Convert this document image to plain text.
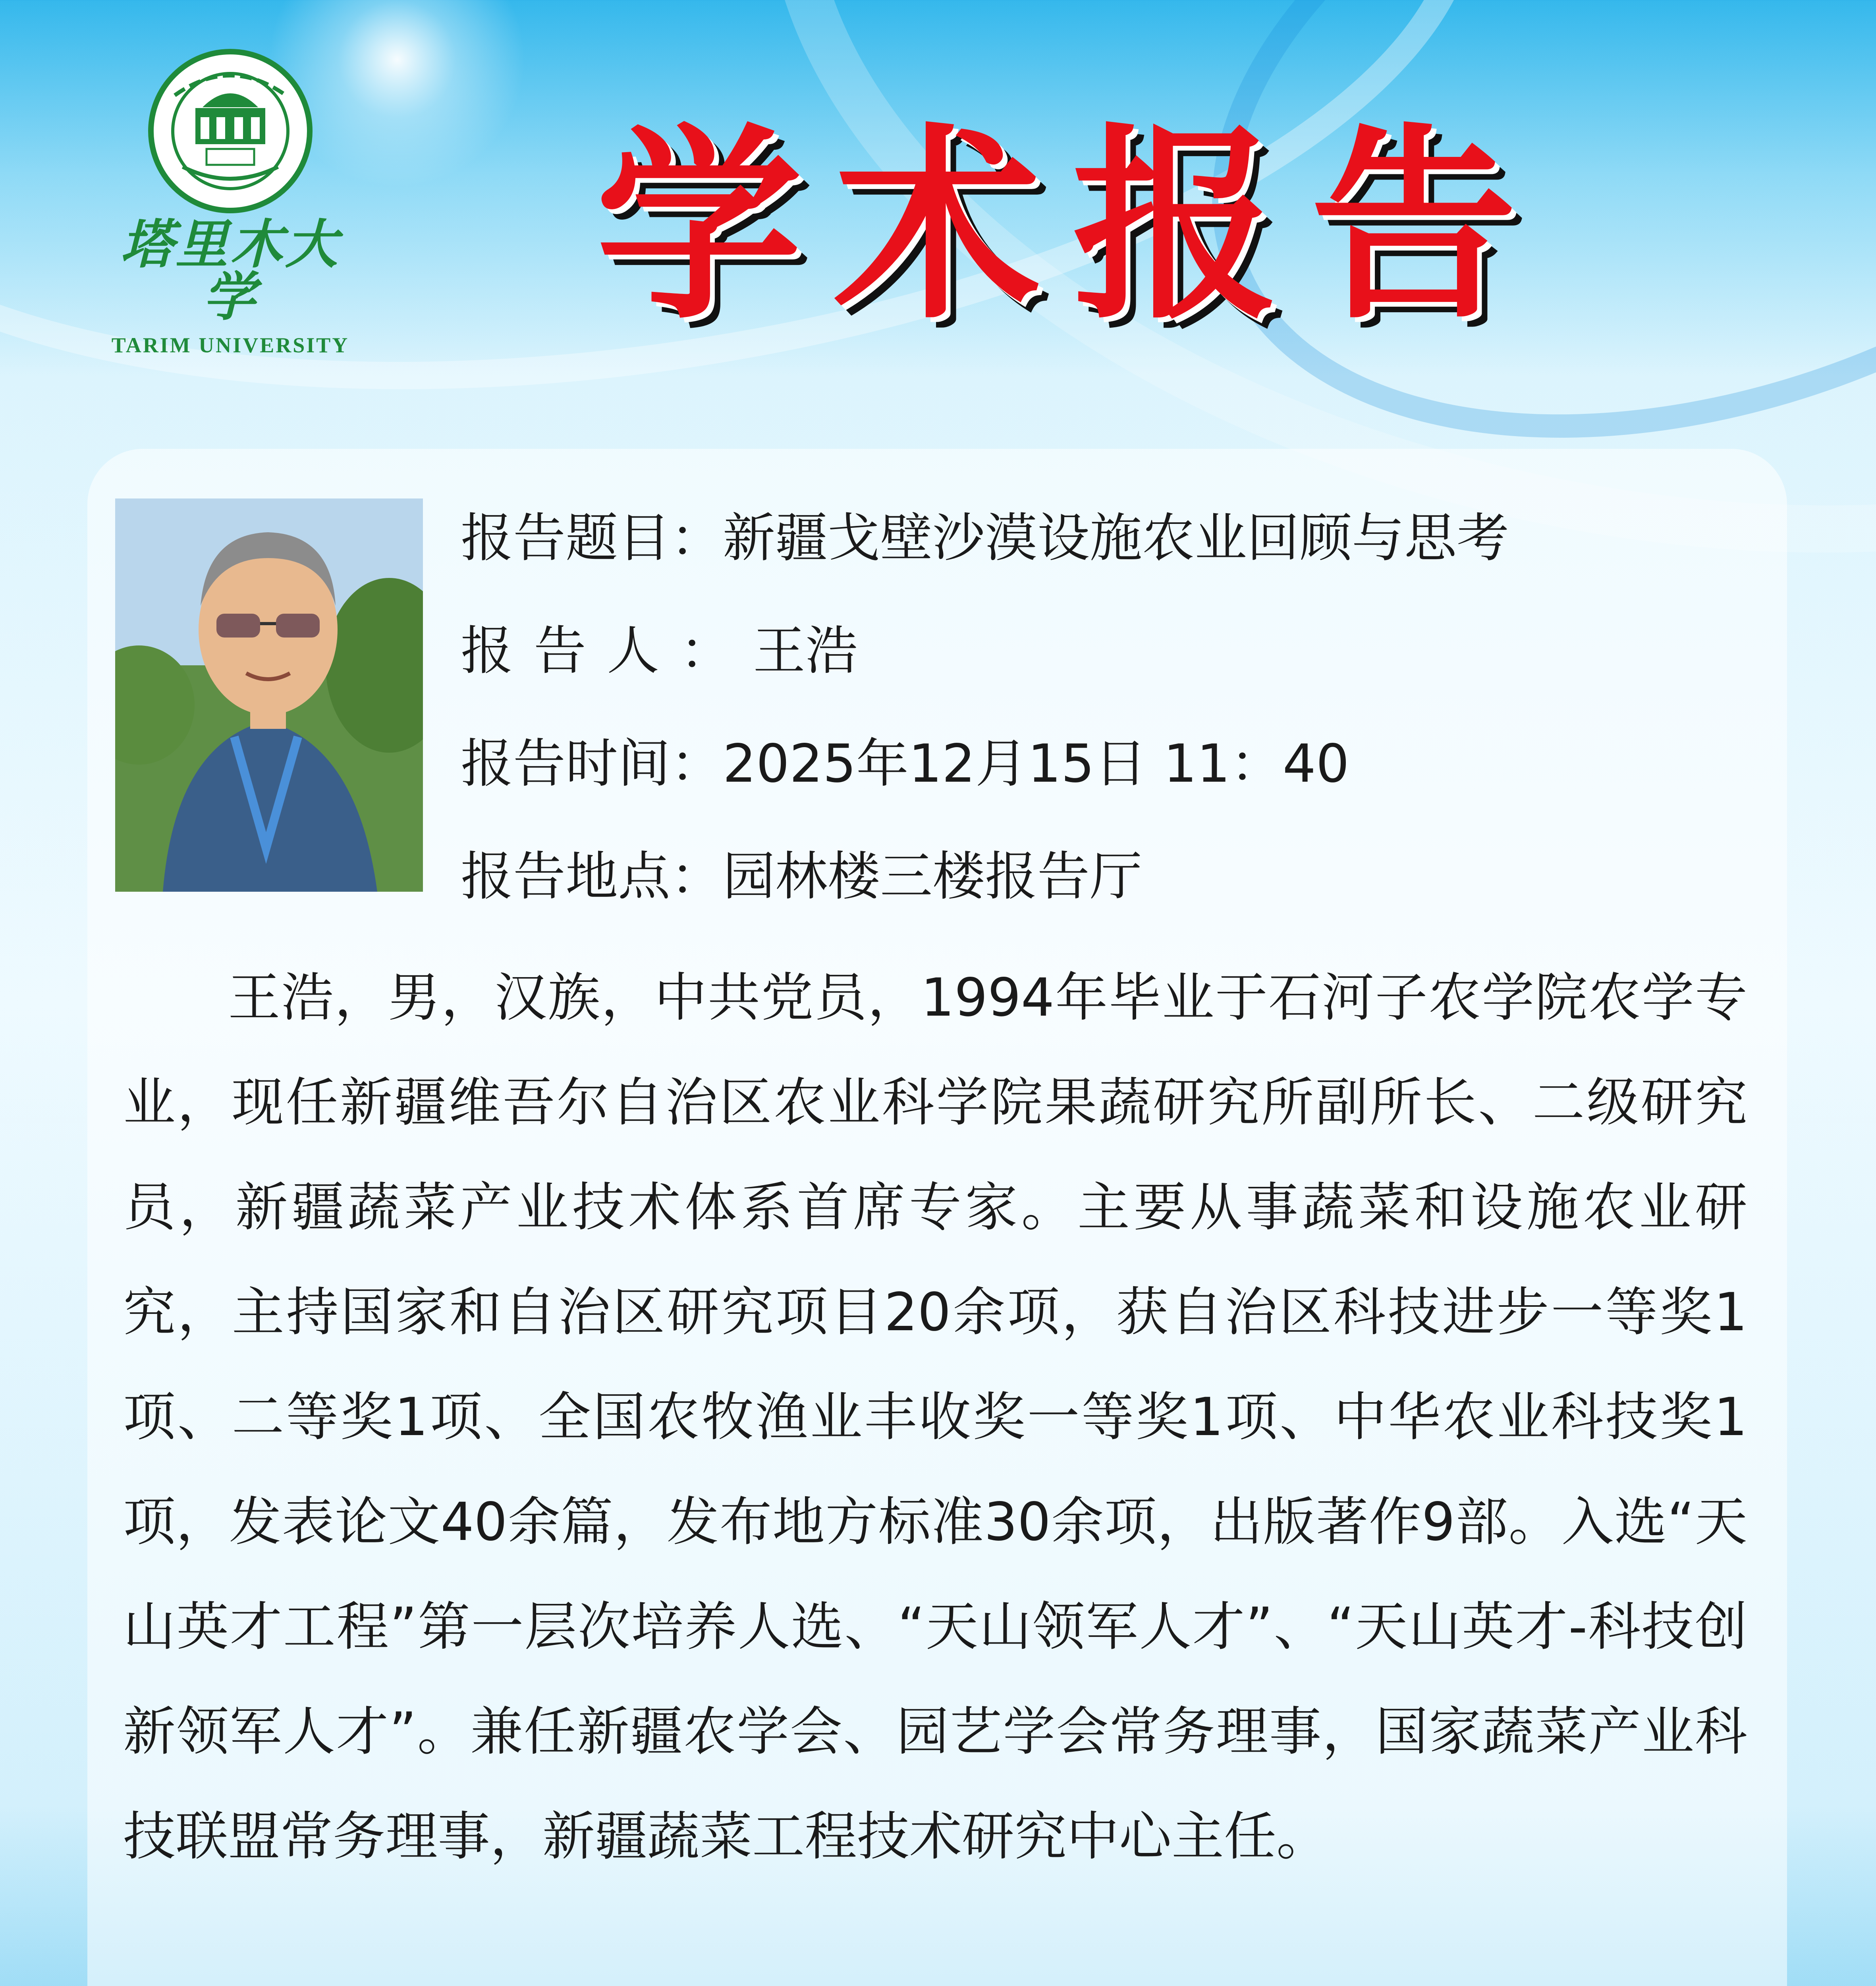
塔里木大学
TARIM UNIVERSITY	学术报告
报告题目：新疆戈壁沙漠设施农业回顾与思考
报告人：王浩
报告时间：2025年12月15日 11：40
报告地点：园林楼三楼报告厅
王浩，男，汉族，中共党员，1994年毕业于石河子农学院农学专业，现任新疆维吾尔自治区农业科学院果蔬研究所副所长、二级研究员，新疆蔬菜产业技术体系首席专家。主要从事蔬菜和设施农业研究，主持国家和自治区研究项目20余项，获自治区科技进步一等奖1项、二等奖1项、全国农牧渔业丰收奖一等奖1项、中华农业科技奖1项，发表论文40余篇，发布地方标准30余项，出版著作9部。入选“天山英才工程”第一层次培养人选、“天山领军人才”、“天山英才-科技创新领军人才”。兼任新疆农学会、园艺学会常务理事，国家蔬菜产业科技联盟常务理事，新疆蔬菜工程技术研究中心主任。
